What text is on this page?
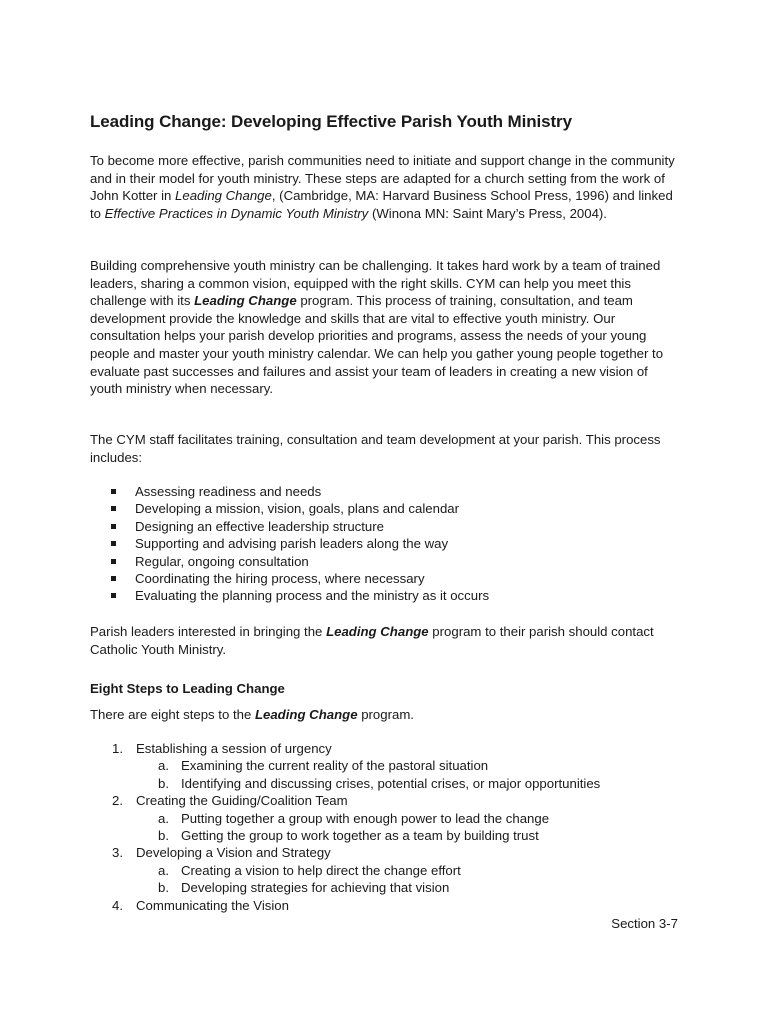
Leading Change: Developing Effective Parish Youth Ministry

To become more effective, parish communities need to initiate and support change in the community and in their model for youth ministry. These steps are adapted for a church setting from the work of John Kotter in Leading Change, (Cambridge, MA: Harvard Business School Press, 1996) and linked to Effective Practices in Dynamic Youth Ministry (Winona MN: Saint Mary’s Press, 2004).

Building comprehensive youth ministry can be challenging. It takes hard work by a team of trained leaders, sharing a common vision, equipped with the right skills. CYM can help you meet this challenge with its Leading Change program. This process of training, consultation, and team development provide the knowledge and skills that are vital to effective youth ministry. Our consultation helps your parish develop priorities and programs, assess the needs of your young people and master your youth ministry calendar. We can help you gather young people together to evaluate past successes and failures and assist your team of leaders in creating a new vision of youth ministry when necessary.

The CYM staff facilitates training, consultation and team development at your parish. This process includes:

Assessing readiness and needs
Developing a mission, vision, goals, plans and calendar
Designing an effective leadership structure
Supporting and advising parish leaders along the way
Regular, ongoing consultation
Coordinating the hiring process, where necessary
Evaluating the planning process and the ministry as it occurs

Parish leaders interested in bringing the Leading Change program to their parish should contact Catholic Youth Ministry.

Eight Steps to Leading Change

There are eight steps to the Leading Change program.

1. Establishing a session of urgency
a. Examining the current reality of the pastoral situation
b. Identifying and discussing crises, potential crises, or major opportunities
2. Creating the Guiding/Coalition Team
a. Putting together a group with enough power to lead the change
b. Getting the group to work together as a team by building trust
3. Developing a Vision and Strategy
a. Creating a vision to help direct the change effort
b. Developing strategies for achieving that vision
4. Communicating the Vision
Section 3-7
